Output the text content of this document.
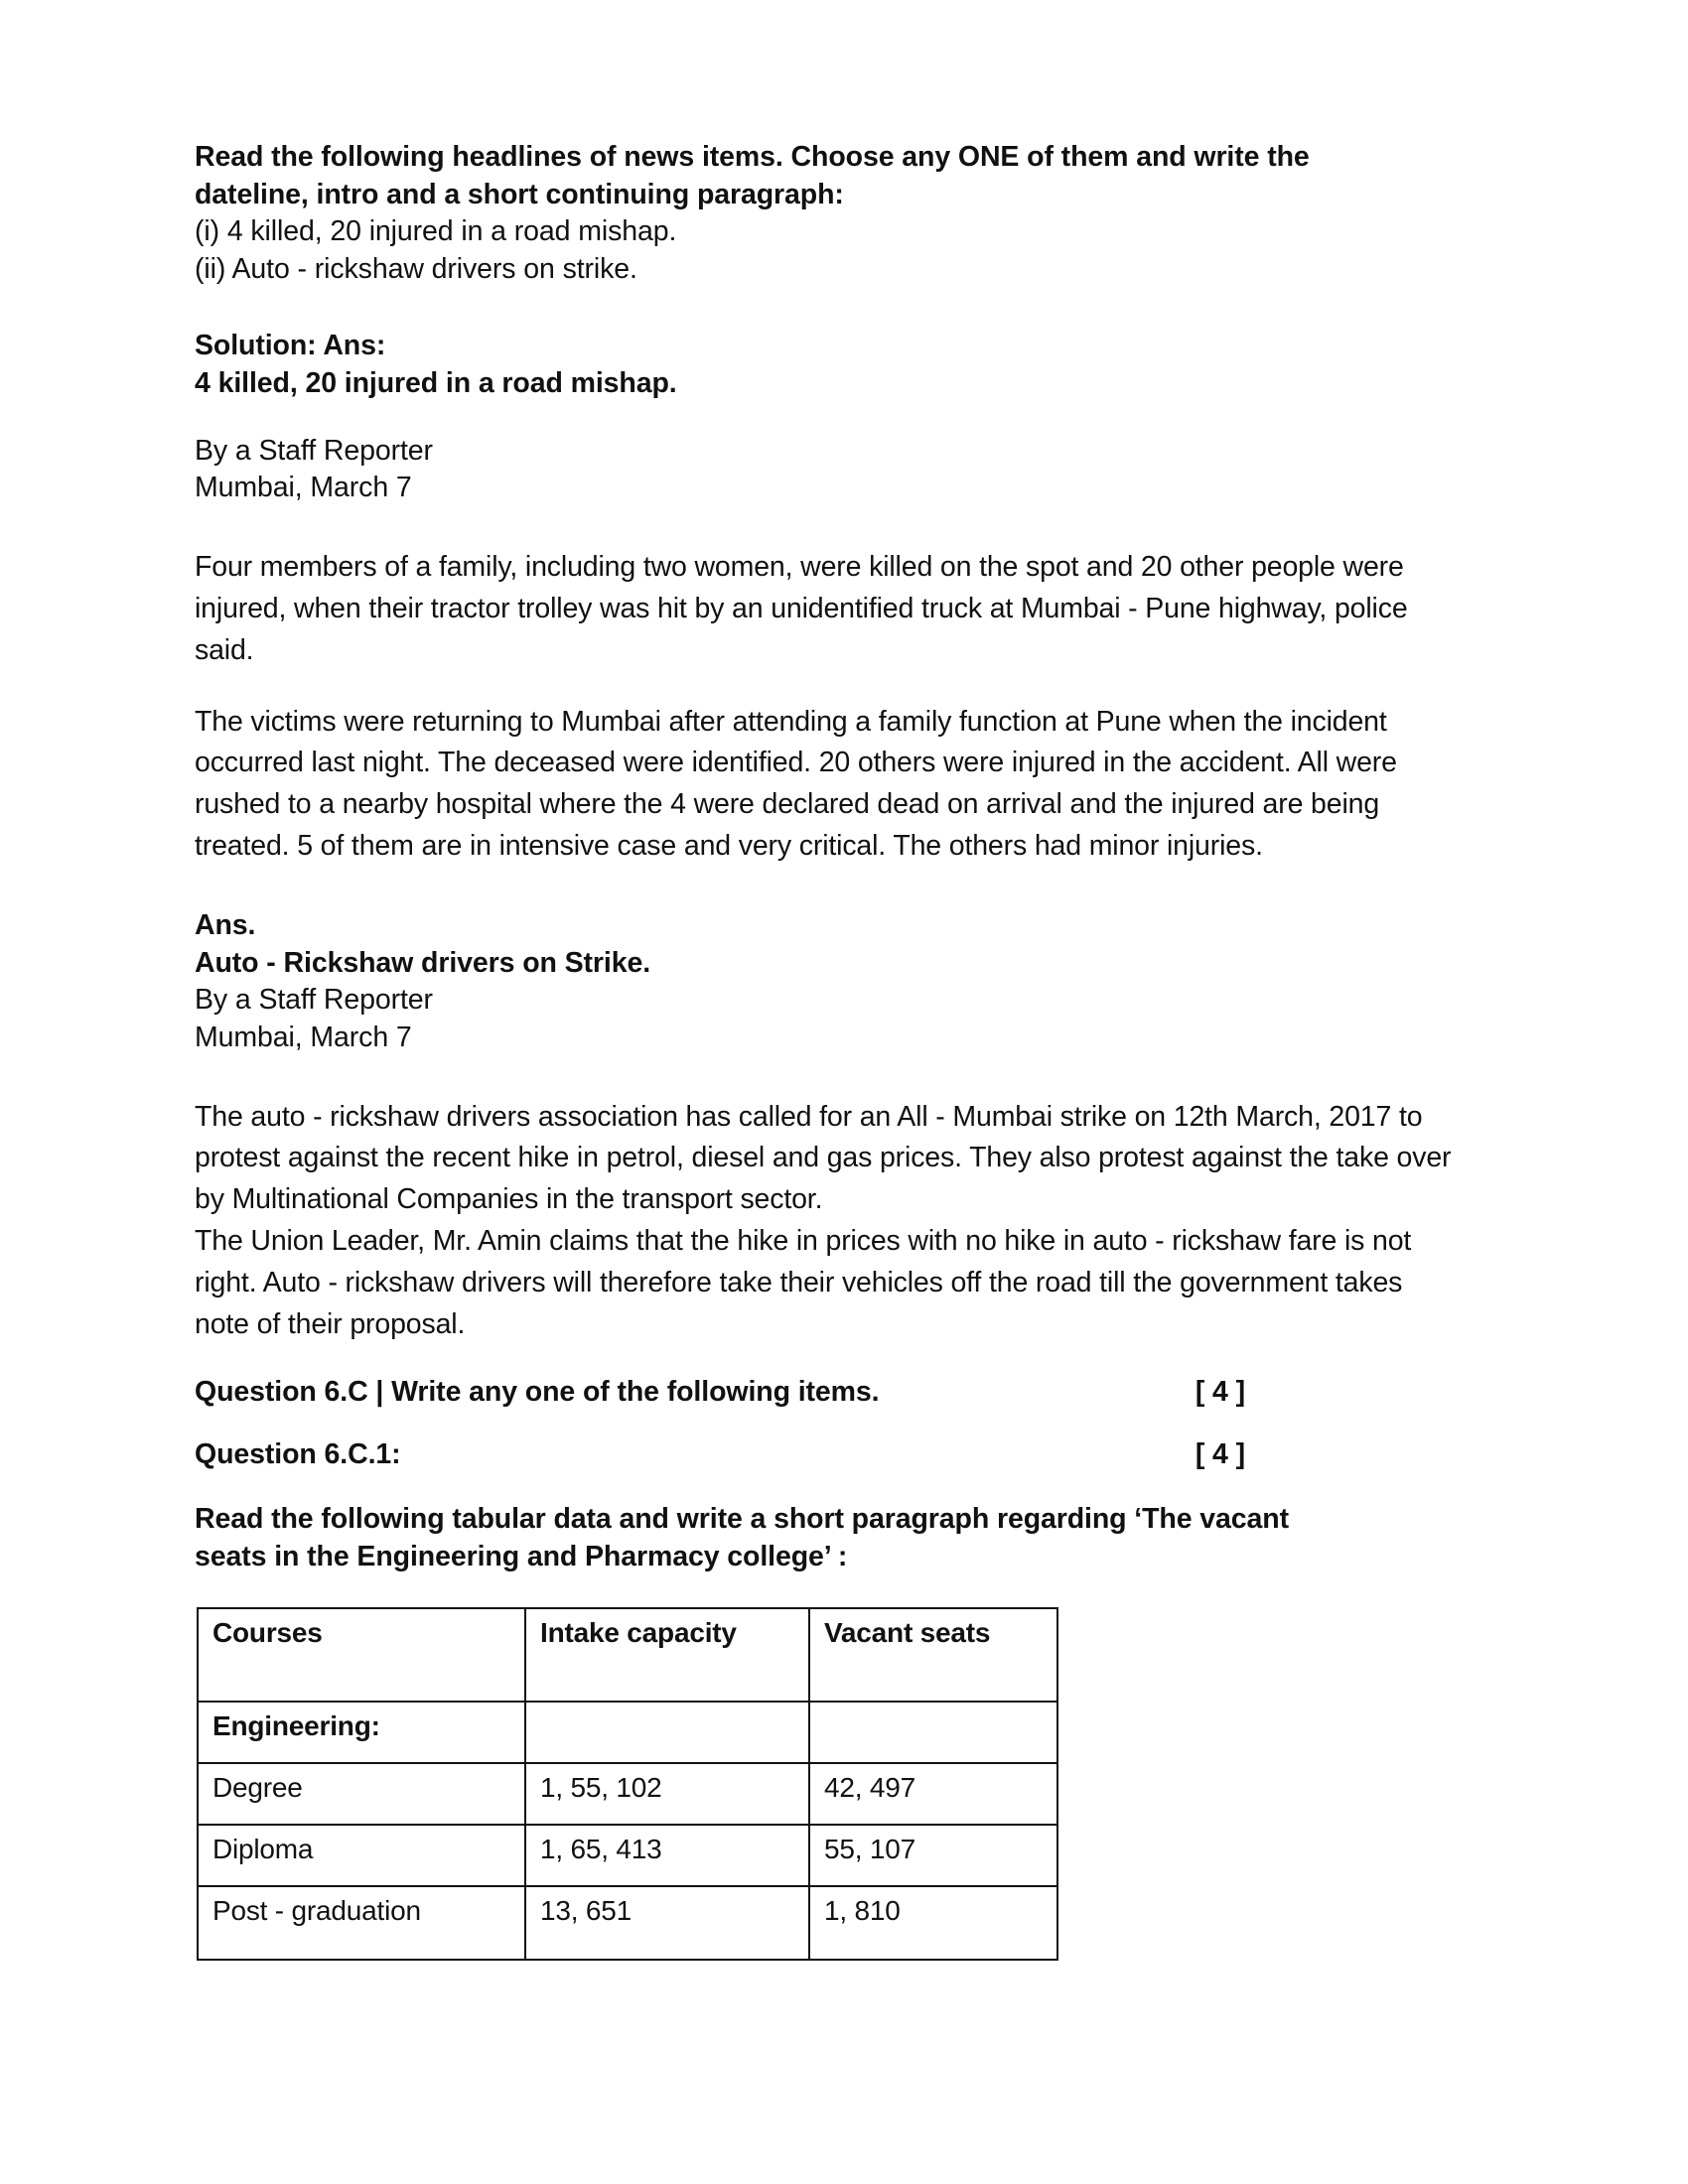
Read the following headlines of news items. Choose any ONE of them and write the

dateline, intro and a short continuing paragraph:

(i) 4 killed, 20 injured in a road mishap.

(ii) Auto - rickshaw drivers on strike.

Solution: Ans:

4 killed, 20 injured in a road mishap.

By a Staff Reporter

Mumbai, March 7

Four members of a family, including two women, were killed on the spot and 20 other people were injured, when their tractor trolley was hit by an unidentified truck at Mumbai - Pune highway, police said.

The victims were returning to Mumbai after attending a family function at Pune when the incident occurred last night. The deceased were identified. 20 others were injured in the accident. All were rushed to a nearby hospital where the 4 were declared dead on arrival and the injured are being treated. 5 of them are in intensive case and very critical. The others had minor injuries.

Ans.

Auto - Rickshaw drivers on Strike.

By a Staff Reporter

Mumbai, March 7

The auto - rickshaw drivers association has called for an All - Mumbai strike on 12th March, 2017 to protest against the recent hike in petrol, diesel and gas prices. They also protest against the take over by Multinational Companies in the transport sector.

The Union Leader, Mr. Amin claims that the hike in prices with no hike in auto - rickshaw fare is not right. Auto - rickshaw drivers will therefore take their vehicles off the road till the government takes note of their proposal.

Question 6.C | Write any one of the following items.	[ 4 ]
Question 6.C.1:	[ 4 ]

Read the following tabular data and write a short paragraph regarding ‘The vacant

seats in the Engineering and Pharmacy college’ :

Courses	Intake capacity	Vacant seats
Engineering:		
Degree	1, 55, 102	42, 497
Diploma	1, 65, 413	55, 107
Post - graduation	13, 651	1, 810
